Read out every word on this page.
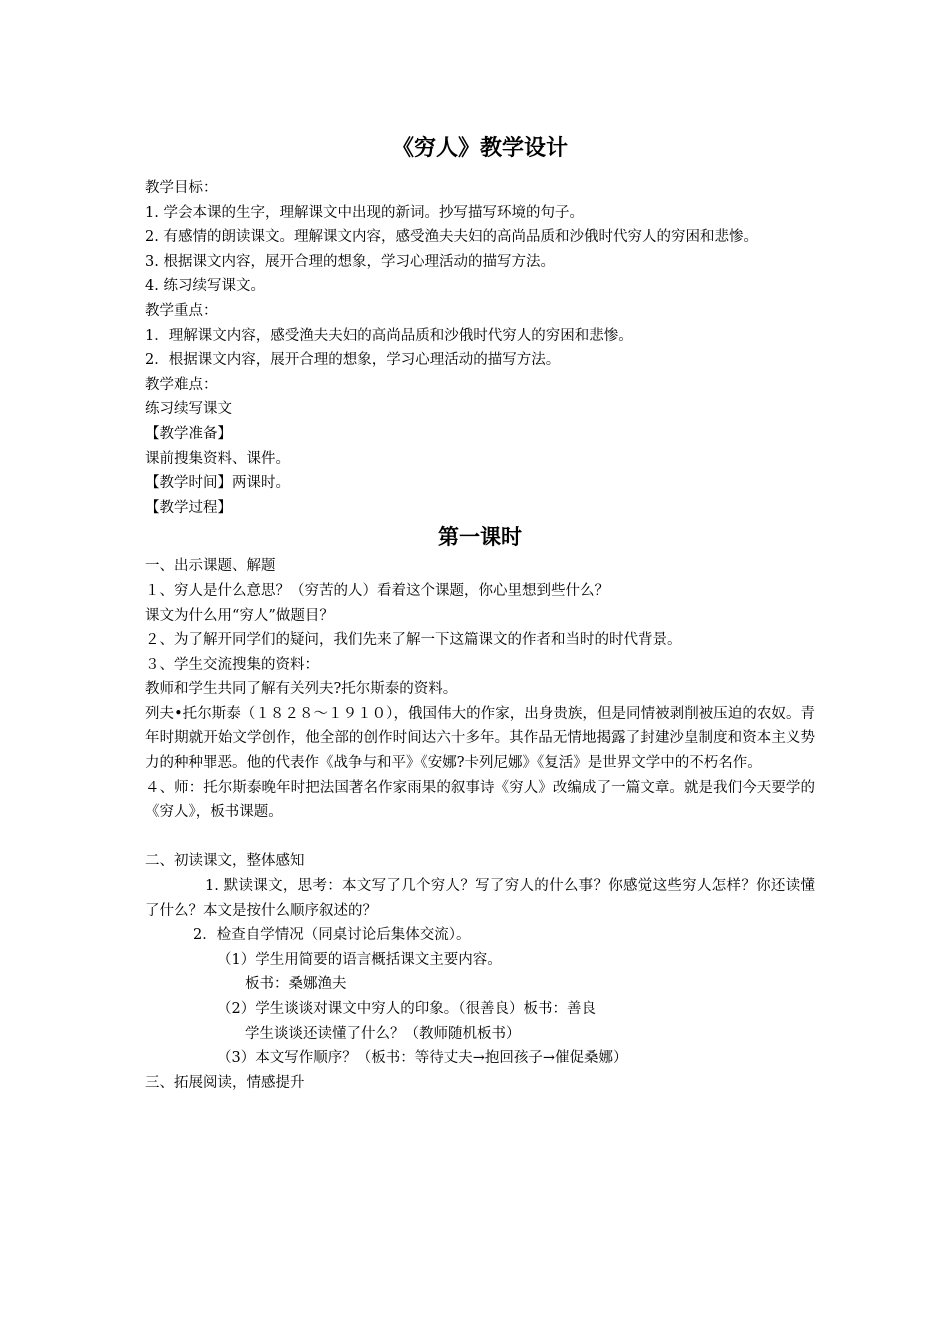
《穷人》教学设计

教学目标：

1. 学会本课的生字，理解课文中出现的新词。抄写描写环境的句子。

2. 有感情的朗读课文。理解课文内容，感受渔夫夫妇的高尚品质和沙俄时代穷人的穷困和悲惨。

3. 根据课文内容，展开合理的想象，学习心理活动的描写方法。

4. 练习续写课文。

教学重点：

1．理解课文内容，感受渔夫夫妇的高尚品质和沙俄时代穷人的穷困和悲惨。

2．根据课文内容，展开合理的想象，学习心理活动的描写方法。

教学难点：

练习续写课文

【教学准备】

课前搜集资料、课件。

【教学时间】两课时。

【教学过程】

第一课时

一、出示课题、解题

１、穷人是什么意思？（穷苦的人）看着这个课题，你心里想到些什么？

课文为什么用“穷人”做题目？

２、为了解开同学们的疑问，我们先来了解一下这篇课文的作者和当时的时代背景。

３、学生交流搜集的资料：

教师和学生共同了解有关列夫?托尔斯泰的资料。

列夫•托尔斯泰（１８２８～１９１０），俄国伟大的作家，出身贵族，但是同情被剥削被压迫的农奴。青年时期就开始文学创作，他全部的创作时间达六十多年。其作品无情地揭露了封建沙皇制度和资本主义势力的种种罪恶。他的代表作《战争与和平》《安娜?卡列尼娜》《复活》是世界文学中的不朽名作。

４、师：托尔斯泰晚年时把法国著名作家雨果的叙事诗《穷人》改编成了一篇文章。就是我们今天要学的《穷人》，板书课题。

二、初读课文，整体感知

1. 默读课文，思考：本文写了几个穷人？写了穷人的什么事？你感觉这些穷人怎样？你还读懂了什么？本文是按什么顺序叙述的？

2．检查自学情况（同桌讨论后集体交流）。

（1）学生用简要的语言概括课文主要内容。

板书：桑娜渔夫

（2）学生谈谈对课文中穷人的印象。（很善良）板书：善良

学生谈谈还读懂了什么？（教师随机板书）

（3）本文写作顺序？（板书：等待丈夫→抱回孩子→催促桑娜）

三、拓展阅读，情感提升
